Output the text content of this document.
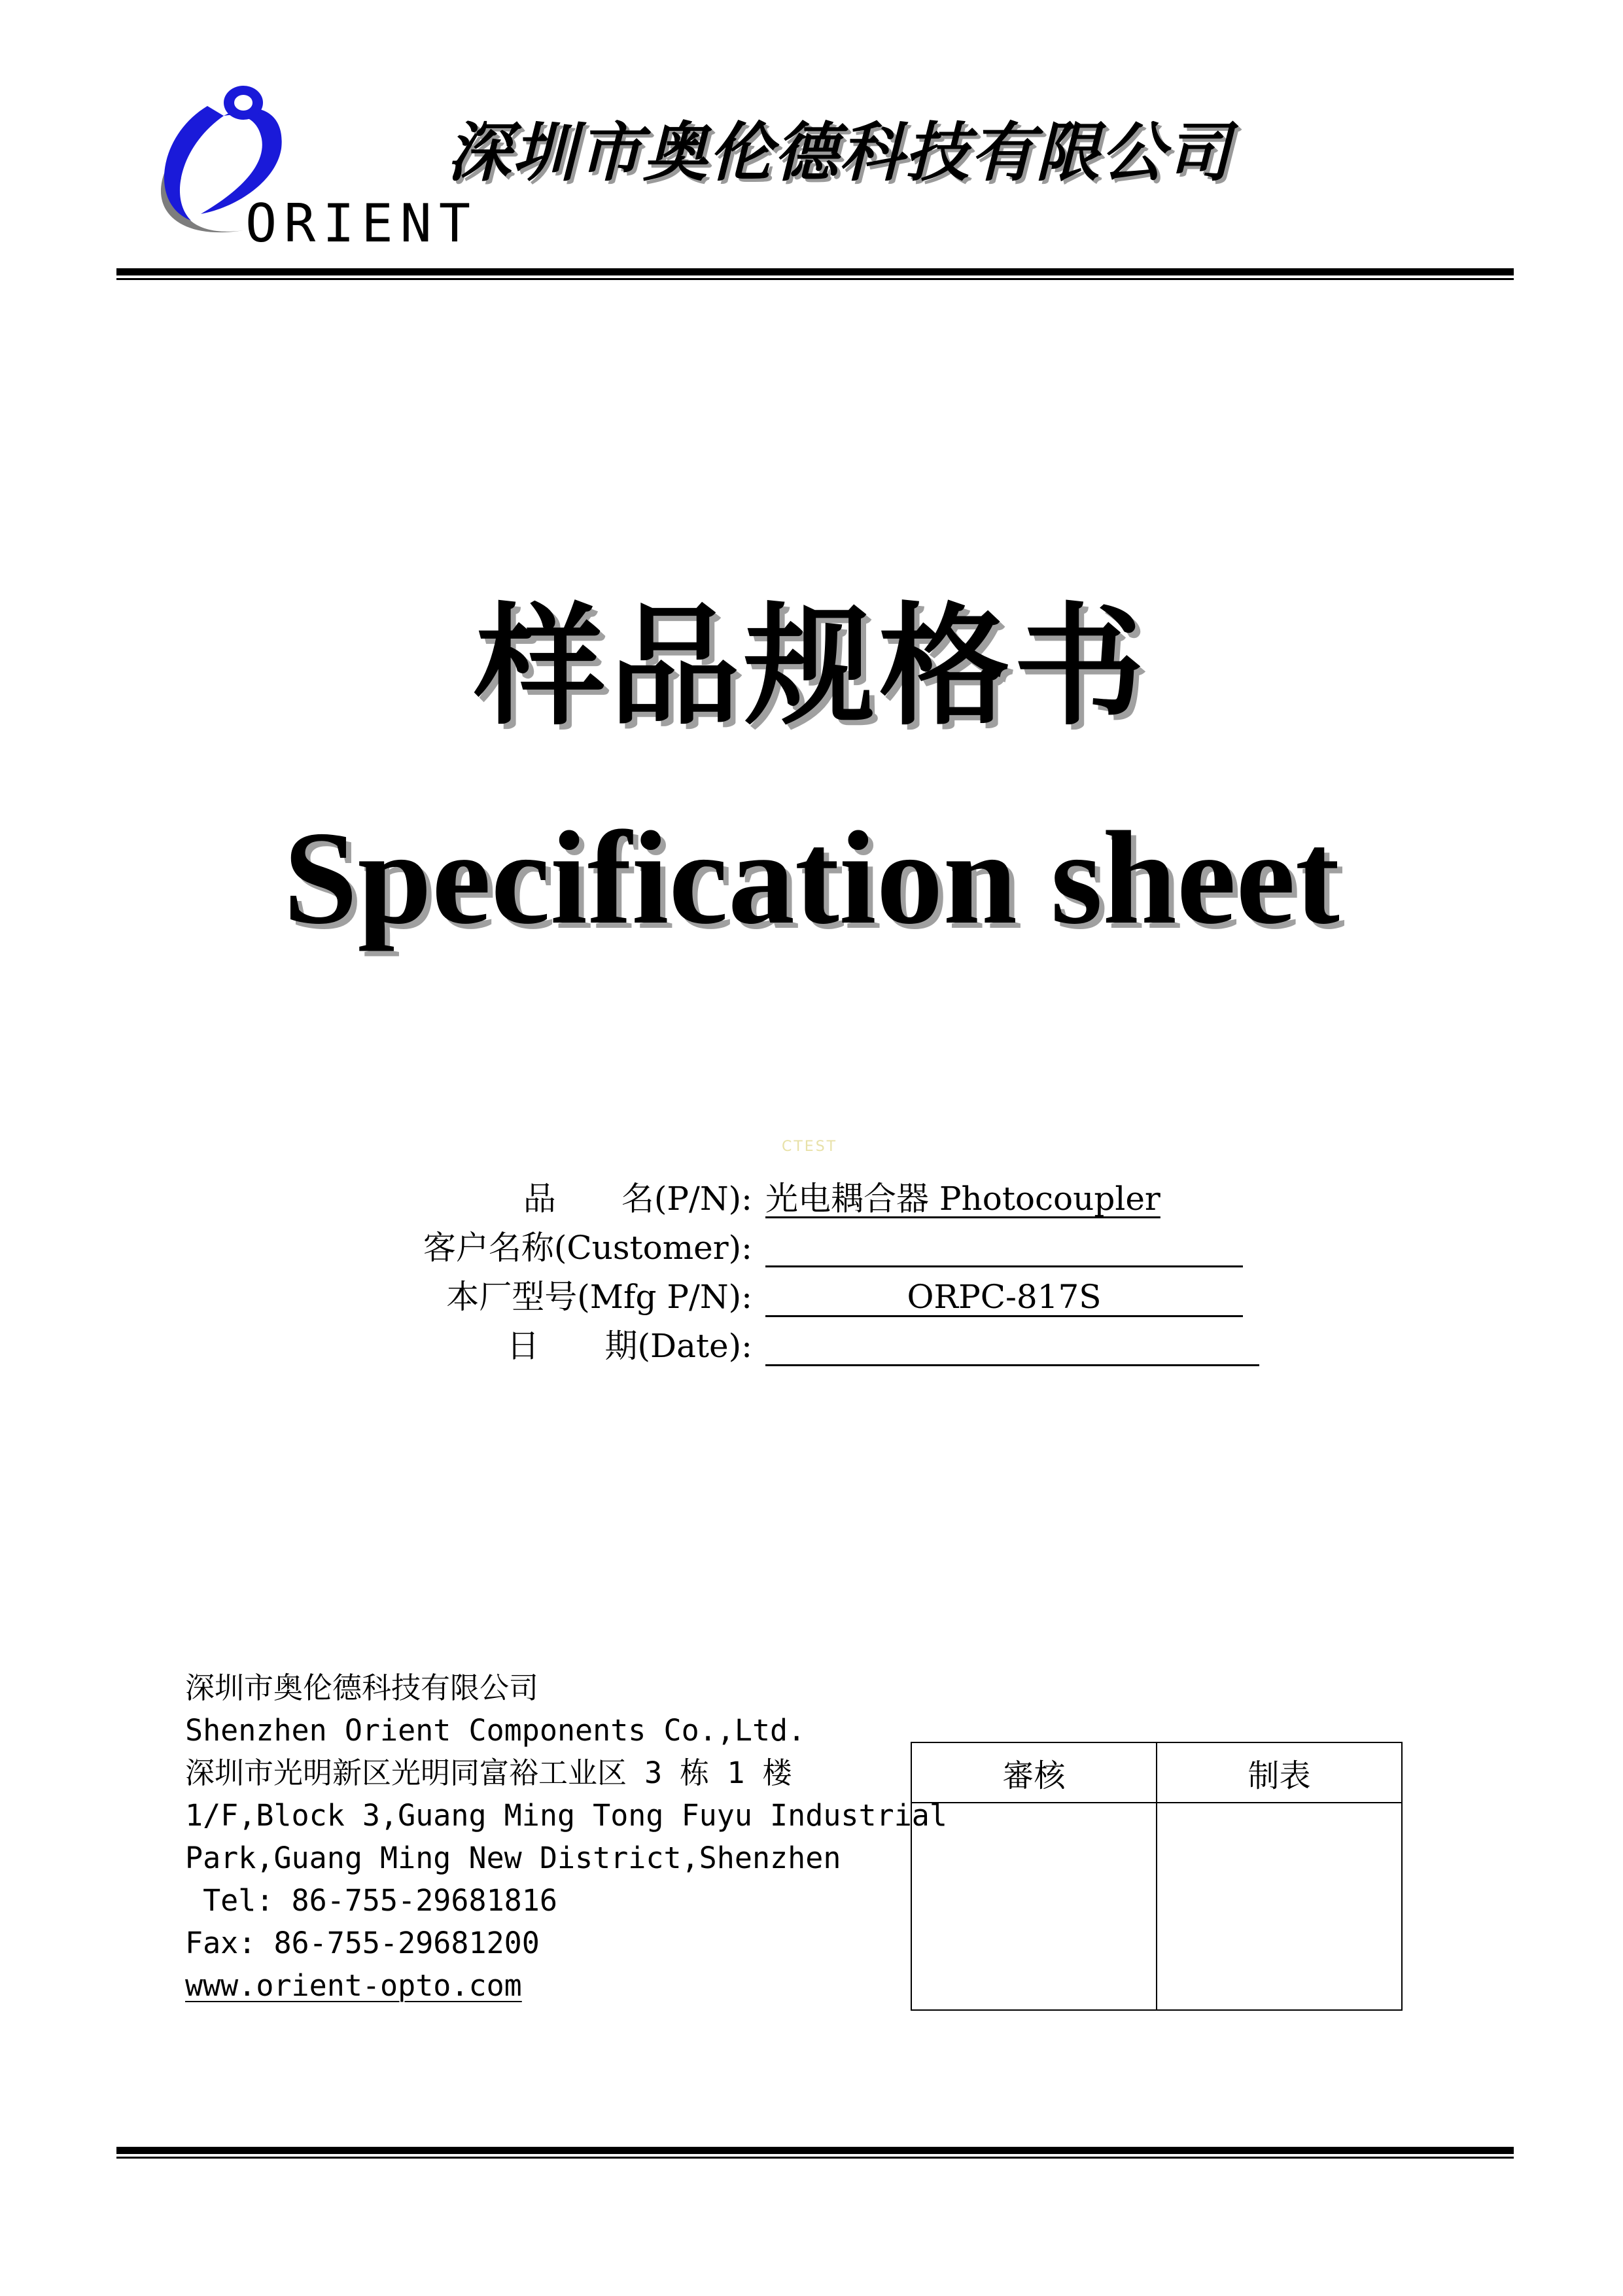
ORIENT
深圳市奥伦德科技有限公司
样品规格书
Specification sheet
CTEST
品　　名(P/N): 光电耦合器 Photocoupler
客户名称(Customer):
本厂型号(Mfg P/N):	ORPC-817S
日　　期(Date):
深圳市奥伦德科技有限公司
Shenzhen Orient Components Co.,Ltd.
深圳市光明新区光明同富裕工业区 3 栋 1 楼
1/F,Block 3,Guang Ming Tong Fuyu Industrial
Park,Guang Ming New District,Shenzhen
Tel: 86-755-29681816
Fax: 86-755-29681200
www.orient-opto.com
審核	制表
